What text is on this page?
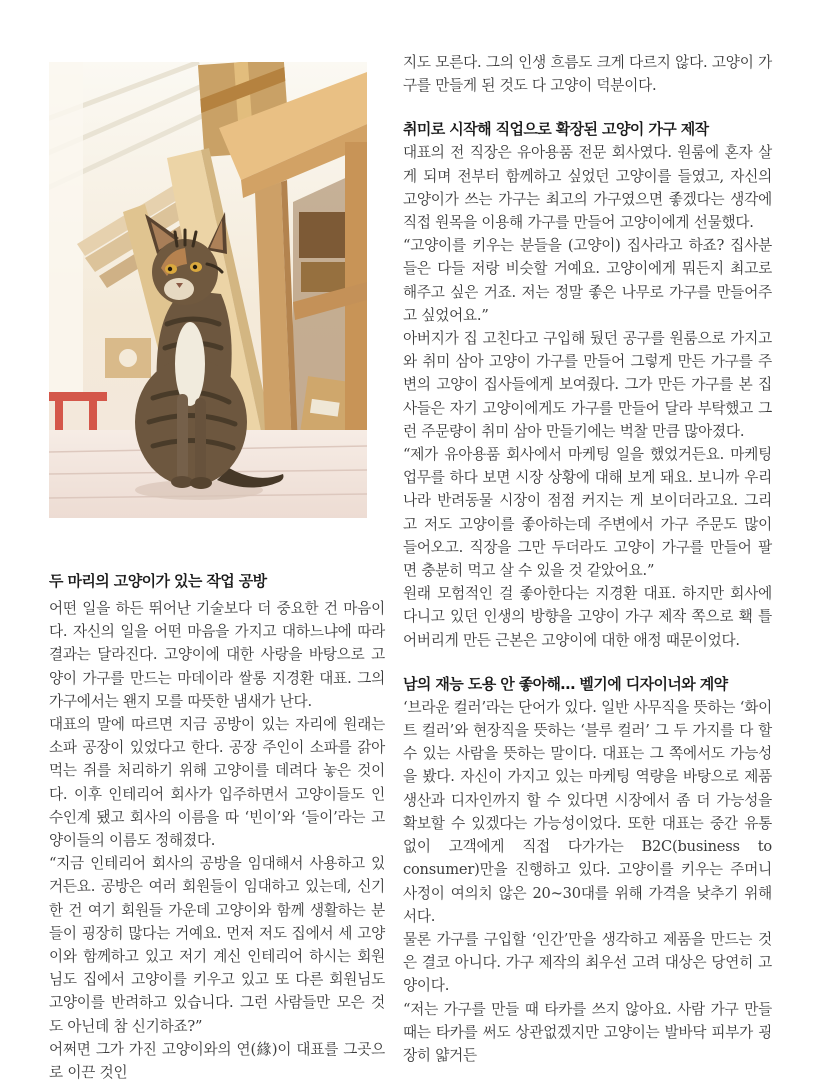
두 마리의 고양이가 있는 작업 공방

어떤 일을 하든 뛰어난 기술보다 더 중요한 건 마음이다. 자신의 일을 어떤 마음을 가지고 대하느냐에 따라 결과는 달라진다. 고양이에 대한 사랑을 바탕으로 고양이 가구를 만드는 마데이라 쌀롱 지경환 대표. 그의 가구에서는 왠지 모를 따뜻한 냄새가 난다.

대표의 말에 따르면 지금 공방이 있는 자리에 원래는 소파 공장이 있었다고 한다. 공장 주인이 소파를 갉아먹는 쥐를 처리하기 위해 고양이를 데려다 놓은 것이다. 이후 인테리어 회사가 입주하면서 고양이들도 인수인계 됐고 회사의 이름을 따 ‘빈이’와 ‘들이’라는 고양이들의 이름도 정해졌다.

“지금 인테리어 회사의 공방을 임대해서 사용하고 있거든요. 공방은 여러 회원들이 임대하고 있는데, 신기한 건 여기 회원들 가운데 고양이와 함께 생활하는 분들이 굉장히 많다는 거예요. 먼저 저도 집에서 세 고양이와 함께하고 있고 저기 계신 인테리어 하시는 회원님도 집에서 고양이를 키우고 있고 또 다른 회원님도 고양이를 반려하고 있습니다. 그런 사람들만 모은 것도 아닌데 참 신기하죠?”

어쩌면 그가 가진 고양이와의 연(緣)이 대표를 그곳으로 이끈 것인

지도 모른다. 그의 인생 흐름도 크게 다르지 않다. 고양이 가구를 만들게 된 것도 다 고양이 덕분이다.

취미로 시작해 직업으로 확장된 고양이 가구 제작

대표의 전 직장은 유아용품 전문 회사였다. 원룸에 혼자 살게 되며 전부터 함께하고 싶었던 고양이를 들였고, 자신의 고양이가 쓰는 가구는 최고의 가구였으면 좋겠다는 생각에 직접 원목을 이용해 가구를 만들어 고양이에게 선물했다.

“고양이를 키우는 분들을 (고양이) 집사라고 하죠? 집사분들은 다들 저랑 비슷할 거예요. 고양이에게 뭐든지 최고로 해주고 싶은 거죠. 저는 정말 좋은 나무로 가구를 만들어주고 싶었어요.”

아버지가 집 고친다고 구입해 뒀던 공구를 원룸으로 가지고 와 취미 삼아 고양이 가구를 만들어 그렇게 만든 가구를 주변의 고양이 집사들에게 보여줬다. 그가 만든 가구를 본 집사들은 자기 고양이에게도 가구를 만들어 달라 부탁했고 그런 주문량이 취미 삼아 만들기에는 벅찰 만큼 많아졌다.

“제가 유아용품 회사에서 마케팅 일을 했었거든요. 마케팅 업무를 하다 보면 시장 상황에 대해 보게 돼요. 보니까 우리나라 반려동물 시장이 점점 커지는 게 보이더라고요. 그리고 저도 고양이를 좋아하는데 주변에서 가구 주문도 많이 들어오고. 직장을 그만 두더라도 고양이 가구를 만들어 팔면 충분히 먹고 살 수 있을 것 같았어요.”

원래 모험적인 걸 좋아한다는 지경환 대표. 하지만 회사에 다니고 있던 인생의 방향을 고양이 가구 제작 쪽으로 홱 틀어버리게 만든 근본은 고양이에 대한 애정 때문이었다.

남의 재능 도용 안 좋아해… 벨기에 디자이너와 계약

‘브라운 컬러’라는 단어가 있다. 일반 사무직을 뜻하는 ‘화이트 컬러’와 현장직을 뜻하는 ‘블루 컬러’ 그 두 가지를 다 할 수 있는 사람을 뜻하는 말이다. 대표는 그 쪽에서도 가능성을 봤다. 자신이 가지고 있는 마케팅 역량을 바탕으로 제품 생산과 디자인까지 할 수 있다면 시장에서 좀 더 가능성을 확보할 수 있겠다는 가능성이었다. 또한 대표는 중간 유통 없이 고객에게 직접 다가가는 B2C(business to consumer)만을 진행하고 있다. 고양이를 키우는 주머니 사정이 여의치 않은 20~30대를 위해 가격을 낮추기 위해서다.

물론 가구를 구입할 ‘인간’만을 생각하고 제품을 만드는 것은 결코 아니다. 가구 제작의 최우선 고려 대상은 당연히 고양이다.

“저는 가구를 만들 때 타카를 쓰지 않아요. 사람 가구 만들 때는 타카를 써도 상관없겠지만 고양이는 발바닥 피부가 굉장히 얇거든
